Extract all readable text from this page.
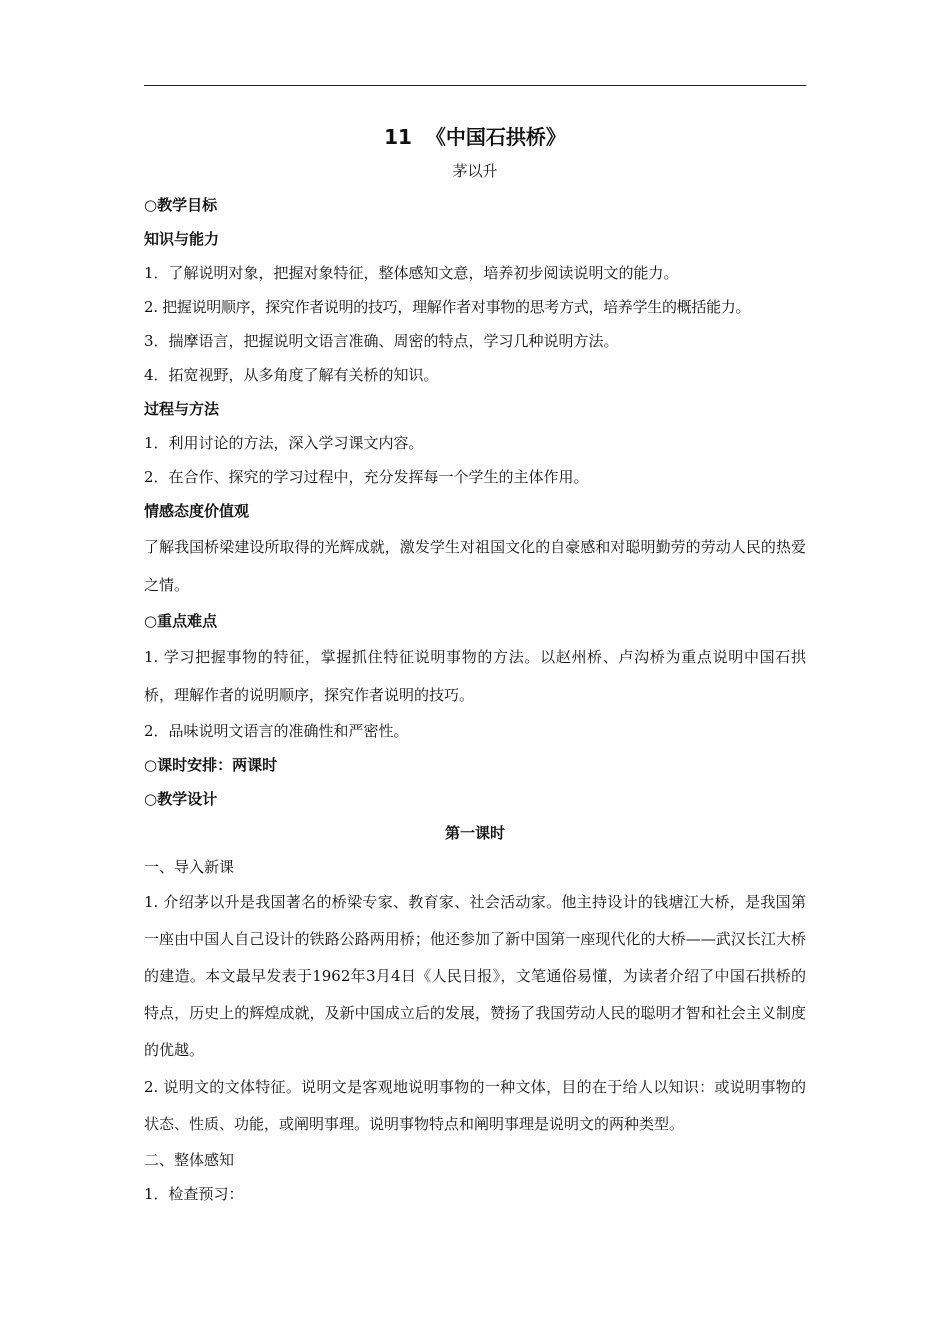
11 《中国石拱桥》

茅以升

○教学目标

知识与能力

1．了解说明对象，把握对象特征，整体感知文意，培养初步阅读说明文的能力。

2. 把握说明顺序，探究作者说明的技巧，理解作者对事物的思考方式，培养学生的概括能力。

3．揣摩语言，把握说明文语言准确、周密的特点，学习几种说明方法。

4．拓宽视野，从多角度了解有关桥的知识。

过程与方法

1．利用讨论的方法，深入学习课文内容。

2．在合作、探究的学习过程中，充分发挥每一个学生的主体作用。

情感态度价值观

了解我国桥梁建设所取得的光辉成就，激发学生对祖国文化的自豪感和对聪明勤劳的劳动人民的热爱之情。

○重点难点

1. 学习把握事物的特征，掌握抓住特征说明事物的方法。以赵州桥、卢沟桥为重点说明中国石拱桥，理解作者的说明顺序，探究作者说明的技巧。

2．品味说明文语言的准确性和严密性。

○课时安排：两课时

○教学设计

第一课时

一、导入新课

1. 介绍茅以升是我国著名的桥梁专家、教育家、社会活动家。他主持设计的钱塘江大桥，是我国第一座由中国人自己设计的铁路公路两用桥；他还参加了新中国第一座现代化的大桥——武汉长江大桥的建造。本文最早发表于1962年3月4日《人民日报》，文笔通俗易懂，为读者介绍了中国石拱桥的特点，历史上的辉煌成就，及新中国成立后的发展，赞扬了我国劳动人民的聪明才智和社会主义制度的优越。

2. 说明文的文体特征。说明文是客观地说明事物的一种文体，目的在于给人以知识：或说明事物的状态、性质、功能，或阐明事理。说明事物特点和阐明事理是说明文的两种类型。

二、整体感知

1．检查预习：
